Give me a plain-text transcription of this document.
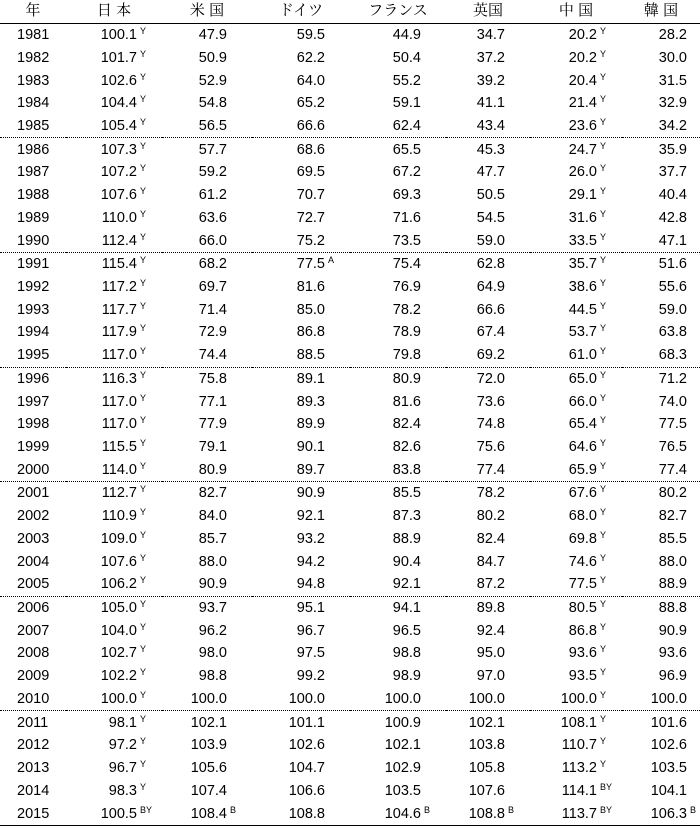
年	日 本	米 国	ドイツ	フランス	英国	中 国	韓 国
1981	100.1 Y	47.9	59.5	44.9	34.7	20.2 Y	28.2
1982	101.7 Y	50.9	62.2	50.4	37.2	20.2 Y	30.0
1983	102.6 Y	52.9	64.0	55.2	39.2	20.4 Y	31.5
1984	104.4 Y	54.8	65.2	59.1	41.1	21.4 Y	32.9
1985	105.4 Y	56.5	66.6	62.4	43.4	23.6 Y	34.2
1986	107.3 Y	57.7	68.6	65.5	45.3	24.7 Y	35.9
1987	107.2 Y	59.2	69.5	67.2	47.7	26.0 Y	37.7
1988	107.6 Y	61.2	70.7	69.3	50.5	29.1 Y	40.4
1989	110.0 Y	63.6	72.7	71.6	54.5	31.6 Y	42.8
1990	112.4 Y	66.0	75.2	73.5	59.0	33.5 Y	47.1
1991	115.4 Y	68.2	77.5 A	75.4	62.8	35.7 Y	51.6
1992	117.2 Y	69.7	81.6	76.9	64.9	38.6 Y	55.6
1993	117.7 Y	71.4	85.0	78.2	66.6	44.5 Y	59.0
1994	117.9 Y	72.9	86.8	78.9	67.4	53.7 Y	63.8
1995	117.0 Y	74.4	88.5	79.8	69.2	61.0 Y	68.3
1996	116.3 Y	75.8	89.1	80.9	72.0	65.0 Y	71.2
1997	117.0 Y	77.1	89.3	81.6	73.6	66.0 Y	74.0
1998	117.0 Y	77.9	89.9	82.4	74.8	65.4 Y	77.5
1999	115.5 Y	79.1	90.1	82.6	75.6	64.6 Y	76.5
2000	114.0 Y	80.9	89.7	83.8	77.4	65.9 Y	77.4
2001	112.7 Y	82.7	90.9	85.5	78.2	67.6 Y	80.2
2002	110.9 Y	84.0	92.1	87.3	80.2	68.0 Y	82.7
2003	109.0 Y	85.7	93.2	88.9	82.4	69.8 Y	85.5
2004	107.6 Y	88.0	94.2	90.4	84.7	74.6 Y	88.0
2005	106.2 Y	90.9	94.8	92.1	87.2	77.5 Y	88.9
2006	105.0 Y	93.7	95.1	94.1	89.8	80.5 Y	88.8
2007	104.0 Y	96.2	96.7	96.5	92.4	86.8 Y	90.9
2008	102.7 Y	98.0	97.5	98.8	95.0	93.6 Y	93.6
2009	102.2 Y	98.8	99.2	98.9	97.0	93.5 Y	96.9
2010	100.0 Y	100.0	100.0	100.0	100.0	100.0 Y	100.0
2011	98.1 Y	102.1	101.1	100.9	102.1	108.1 Y	101.6
2012	97.2 Y	103.9	102.6	102.1	103.8	110.7 Y	102.6
2013	96.7 Y	105.6	104.7	102.9	105.8	113.2 Y	103.5
2014	98.3 Y	107.4	106.6	103.5	107.6	114.1 BY	104.1
2015	100.5 BY	108.4 B	108.8	104.6 B	108.8 B	113.7 BY	106.3 B
